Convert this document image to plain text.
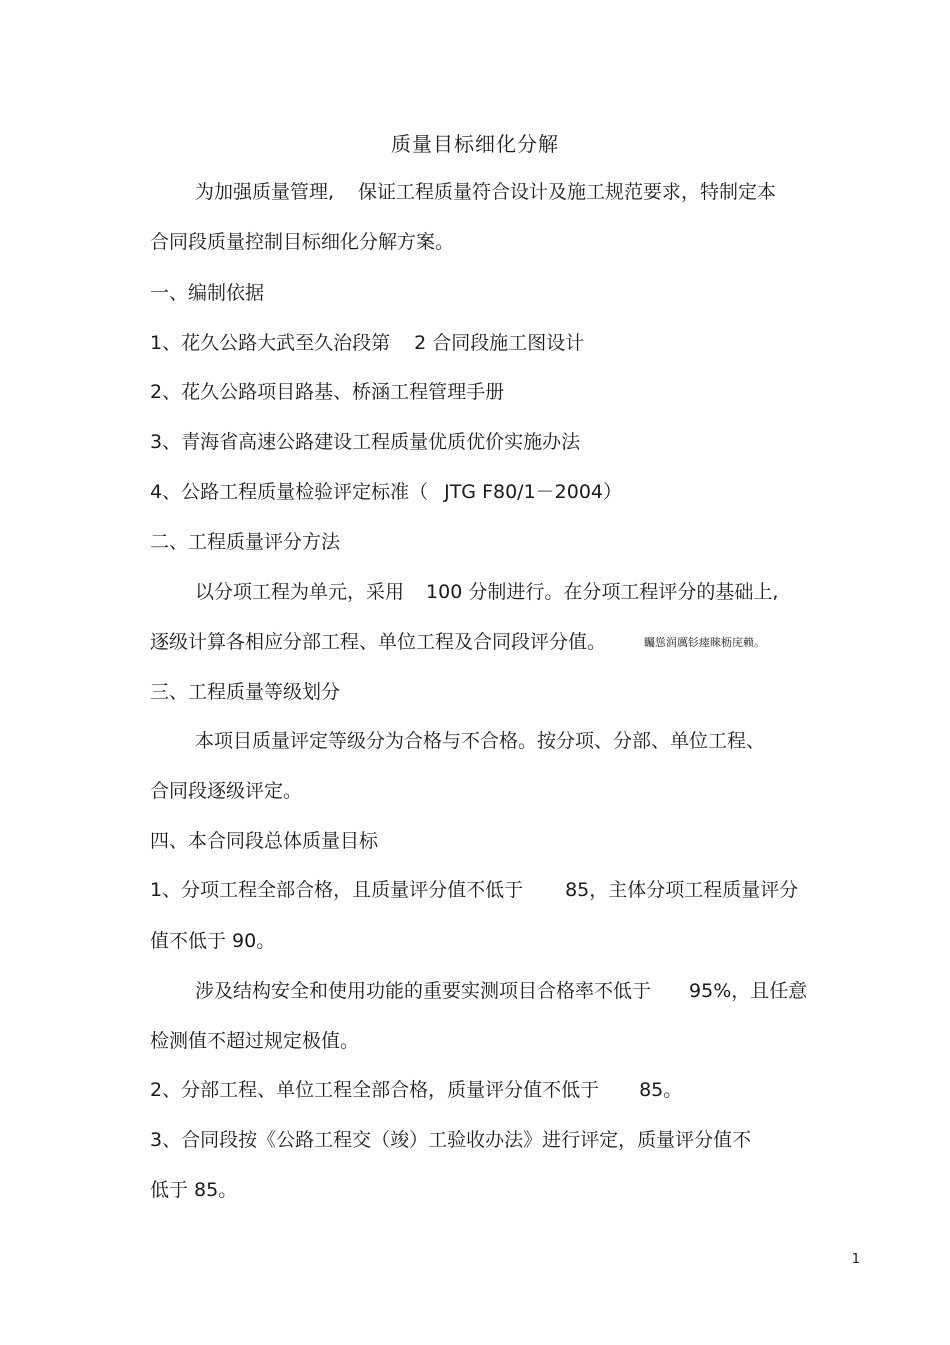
质量目标细化分解
为加强质量管理, 保证工程质量符合设计及施工规范要求，特制定本
合同段质量控制目标细化分解方案。
一、编制依据
1、花久公路大武至久治段第 2 合同段施工图设计
2、花久公路项目路基、桥涵工程管理手册
3、青海省高速公路建设工程质量优质优价实施办法
4、公路工程质量检验评定标准（ JTG F80/1－2004）
二、工程质量评分方法
以分项工程为单元，采用 100 分制进行。在分项工程评分的基础上,
逐级计算各相应分部工程、单位工程及合同段评分值。	矚慫润厲钐瘗睞枥庑赖。
三、工程质量等级划分
本项目质量评定等级分为合格与不合格。按分项、分部、单位工程、
合同段逐级评定。
四、本合同段总体质量目标
1、分项工程全部合格，且质量评分值不低于 85，主体分项工程质量评分
值不低于 90。
涉及结构安全和使用功能的重要实测项目合格率不低于 95%，且任意
检测值不超过规定极值。
2、分部工程、单位工程全部合格，质量评分值不低于 85。
3、合同段按《公路工程交（竣）工验收办法》进行评定，质量评分值不
低于 85。
1
